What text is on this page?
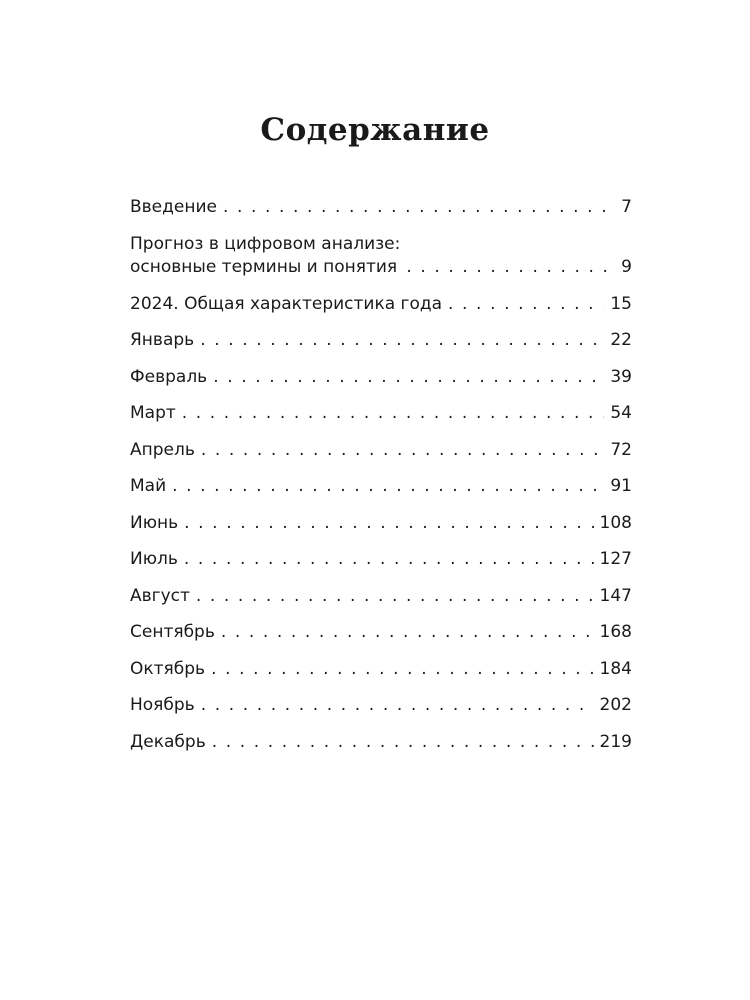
Содержание
Введение . . .	7
Прогноз в цифровом анализе:
основные термины и понятия . . .	9
2024. Общая характеристика года . . .	15
Январь . . .	22
Февраль . . .	39
Март . . .	54
Апрель . . .	72
Май . . .	91
Июнь . . .	108
Июль . . .	127
Август . . .	147
Сентябрь . . .	168
Октябрь . . .	184
Ноябрь . . .	202
Декабрь . . .	219
